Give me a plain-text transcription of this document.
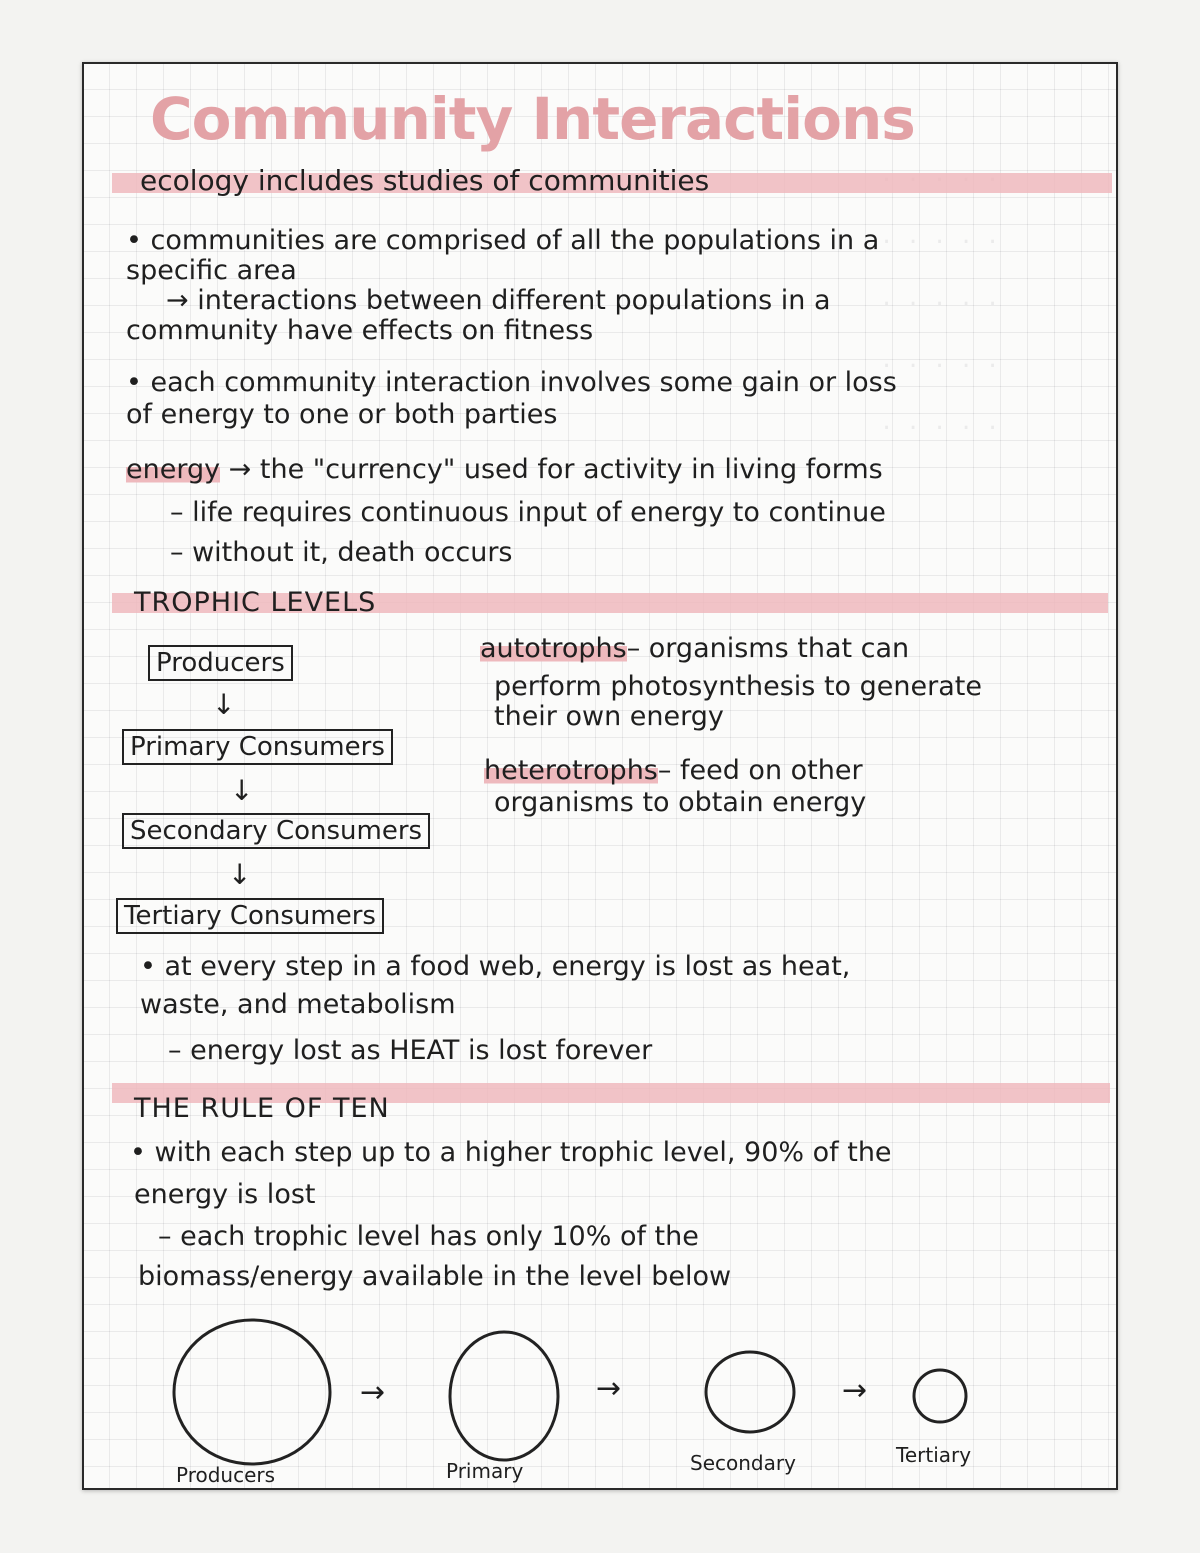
· · · · ·
· · · · ·
· · · · ·
· · · · ·
Community Interactions
ecology includes studies of communities
• communities are comprised of all the populations in a
specific area
→ interactions between different populations in a
community have effects on fitness
• each community interaction involves some gain or loss
of energy to one or both parties
energy → the "currency" used for activity in living forms
– life requires continuous input of energy to continue
– without it, death occurs
TROPHIC LEVELS
Producers
↓
Primary Consumers
↓
Secondary Consumers
↓
Tertiary Consumers
autotrophs– organisms that can
perform photosynthesis to generate
their own energy
heterotrophs– feed on other
organisms to obtain energy
• at every step in a food web, energy is lost as heat,
waste, and metabolism
– energy lost as HEAT is lost forever
THE RULE OF TEN
• with each step up to a higher trophic level, 90% of the
energy is lost
– each trophic level has only 10% of the
biomass/energy available in the level below
→	→	→
Producers	Primary	Secondary	Tertiary
